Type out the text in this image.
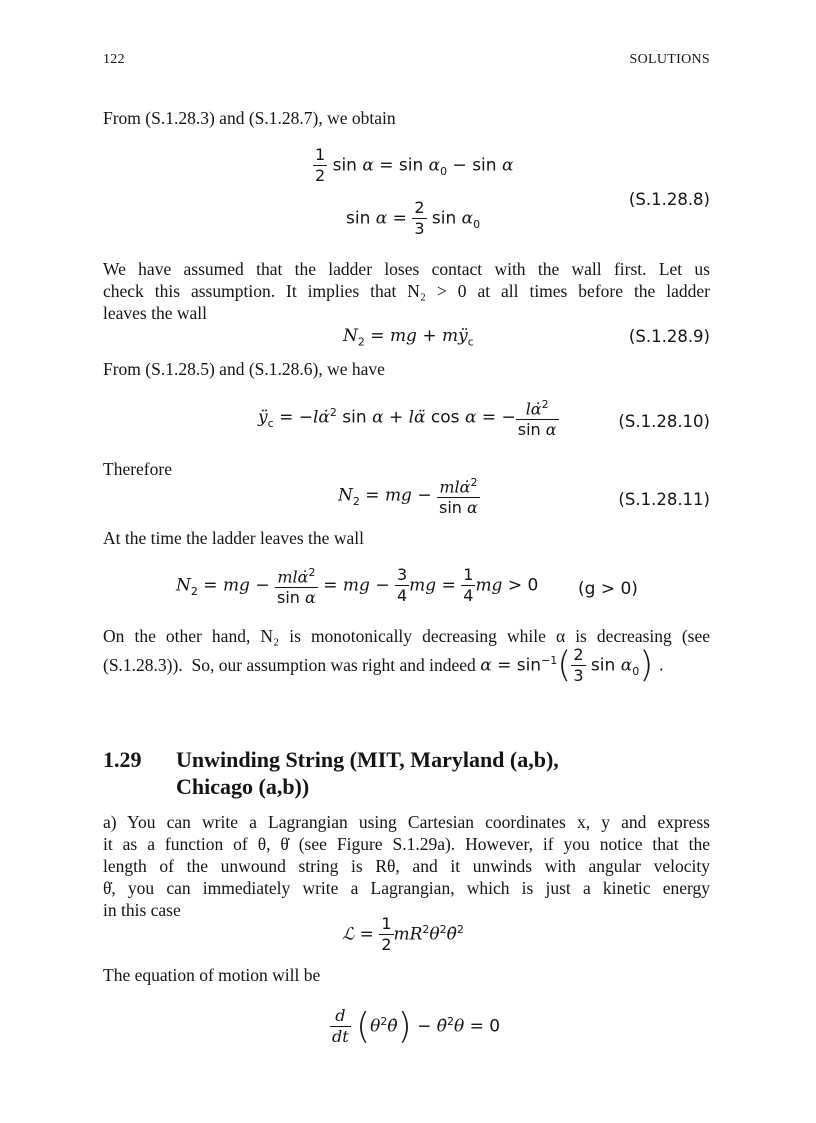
122	SOLUTIONS
From (S.1.28.3) and (S.1.28.7), we obtain
$\frac{1}{2}$ $\sin \alpha = \sin \alpha_0 - \sin \alpha$
$\sin \alpha = \frac{2}{3}$ $\sin \alpha_0$
(S.1.28.8)
We have assumed that the ladder loses contact with the wall first. Let us
check this assumption. It implies that N₂ > 0 at all times before the ladder
leaves the wall
$N_2$ = mg + $mÿ_c$	(S.1.28.9)
From (S.1.28.5) and (S.1.28.6), we have
$ÿ_c$ = −lα̇$^2$ sin α + lα̈ cos α = − $\frac{l\alphȧ^2}{\text{sin α}}$	(S.1.28.10)
Therefore
$N_2$ = mg − $\frac{ml\alphȧ^2}{\text{sin α}}$	(S.1.28.11)
At the time the ladder leaves the wall
$N_2$ = mg − $\frac{ml\alphȧ^2}{\text{sin α}}$ = mg − $\frac{3}{4}$ mg = $\frac{1}{4}$ mg > 0 (g > 0)
On the other hand, N₂ is monotonically decreasing while α is decreasing (see
(S.1.28.3)).  So, our assumption was right and indeed $\alpha = \sin^{-1}( \frac{2}{3}$ $\sin \alpha_0$) .
1.29 Unwinding String (MIT, Maryland (a,b),
Chicago (a,b))
a) You can write a Lagrangian using Cartesian coordinates x, y and express
it as a function of θ, θ̇ (see Figure S.1.29a). However, if you notice that the
length of the unwound string is Rθ, and it unwinds with angular velocity
θ̇, you can immediately write a Lagrangian, which is just a kinetic energy
in this case
ℒ = $\frac{1}{2}$ $mR^2\theta^2\thetȧ^2$
The equation of motion will be
$\frac{d}{dt}$ $(\theta^2\thetȧ)$ − θ̇$^2$θ = 0
